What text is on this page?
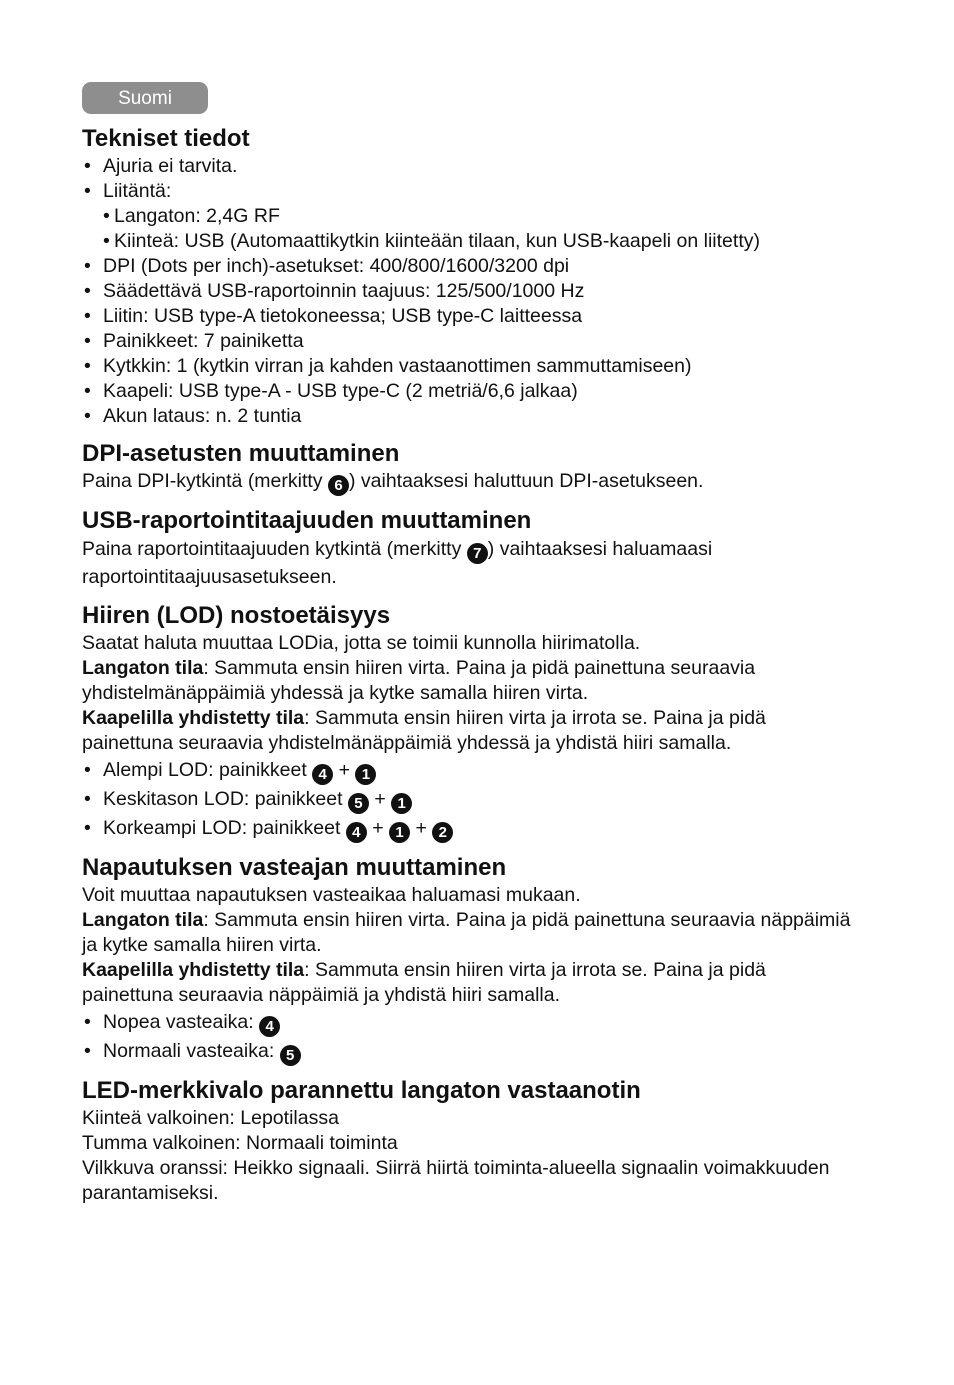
Suomi
Tekniset tiedot
• Ajuria ei tarvita.
• Liitäntä:
• Langaton: 2,4G RF
• Kiinteä: USB (Automaattikytkin kiinteään tilaan, kun USB-kaapeli on liitetty)
• DPI (Dots per inch)-asetukset: 400/800/1600/3200 dpi
• Säädettävä USB-raportoinnin taajuus: 125/500/1000 Hz
• Liitin: USB type-A tietokoneessa; USB type-C laitteessa
• Painikkeet: 7 painiketta
• Kytkkin: 1 (kytkin virran ja kahden vastaanottimen sammuttamiseen)
• Kaapeli: USB type-A - USB type-C (2 metriä/6,6 jalkaa)
• Akun lataus: n. 2 tuntia
DPI-asetusten muuttaminen

Paina DPI-kytkintä (merkitty 6 ) vaihtaaksesi haluttuun DPI-asetukseen.

USB-raportointitaajuuden muuttaminen

Paina raportointitaajuuden kytkintä (merkitty 7 ) vaihtaaksesi haluamaasi raportointitaajuusasetukseen.

Hiiren (LOD) nostoetäisyys

Saatat haluta muuttaa LODia, jotta se toimii kunnolla hiirimatolla.

Langaton tila: Sammuta ensin hiiren virta. Paina ja pidä painettuna seuraavia yhdistelmänäppäimiä yhdessä ja kytke samalla hiiren virta.

Kaapelilla yhdistetty tila: Sammuta ensin hiiren virta ja irrota se. Paina ja pidä painettuna seuraavia yhdistelmänäppäimiä yhdessä ja yhdistä hiiri samalla.

• Alempi LOD: painikkeet 4 + 1
• Keskitason LOD: painikkeet 5 + 1
• Korkeampi LOD: painikkeet 4 + 1 + 2
Napautuksen vasteajan muuttaminen

Voit muuttaa napautuksen vasteaikaa haluamasi mukaan.

Langaton tila: Sammuta ensin hiiren virta. Paina ja pidä painettuna seuraavia näppäimiä ja kytke samalla hiiren virta.

Kaapelilla yhdistetty tila: Sammuta ensin hiiren virta ja irrota se. Paina ja pidä painettuna seuraavia näppäimiä ja yhdistä hiiri samalla.

• Nopea vasteaika: 4
• Normaali vasteaika: 5
LED-merkkivalo parannettu langaton vastaanotin

Kiinteä valkoinen: Lepotilassa

Tumma valkoinen: Normaali toiminta

Vilkkuva oranssi: Heikko signaali. Siirrä hiirtä toiminta-alueella signaalin voimakkuuden parantamiseksi.
